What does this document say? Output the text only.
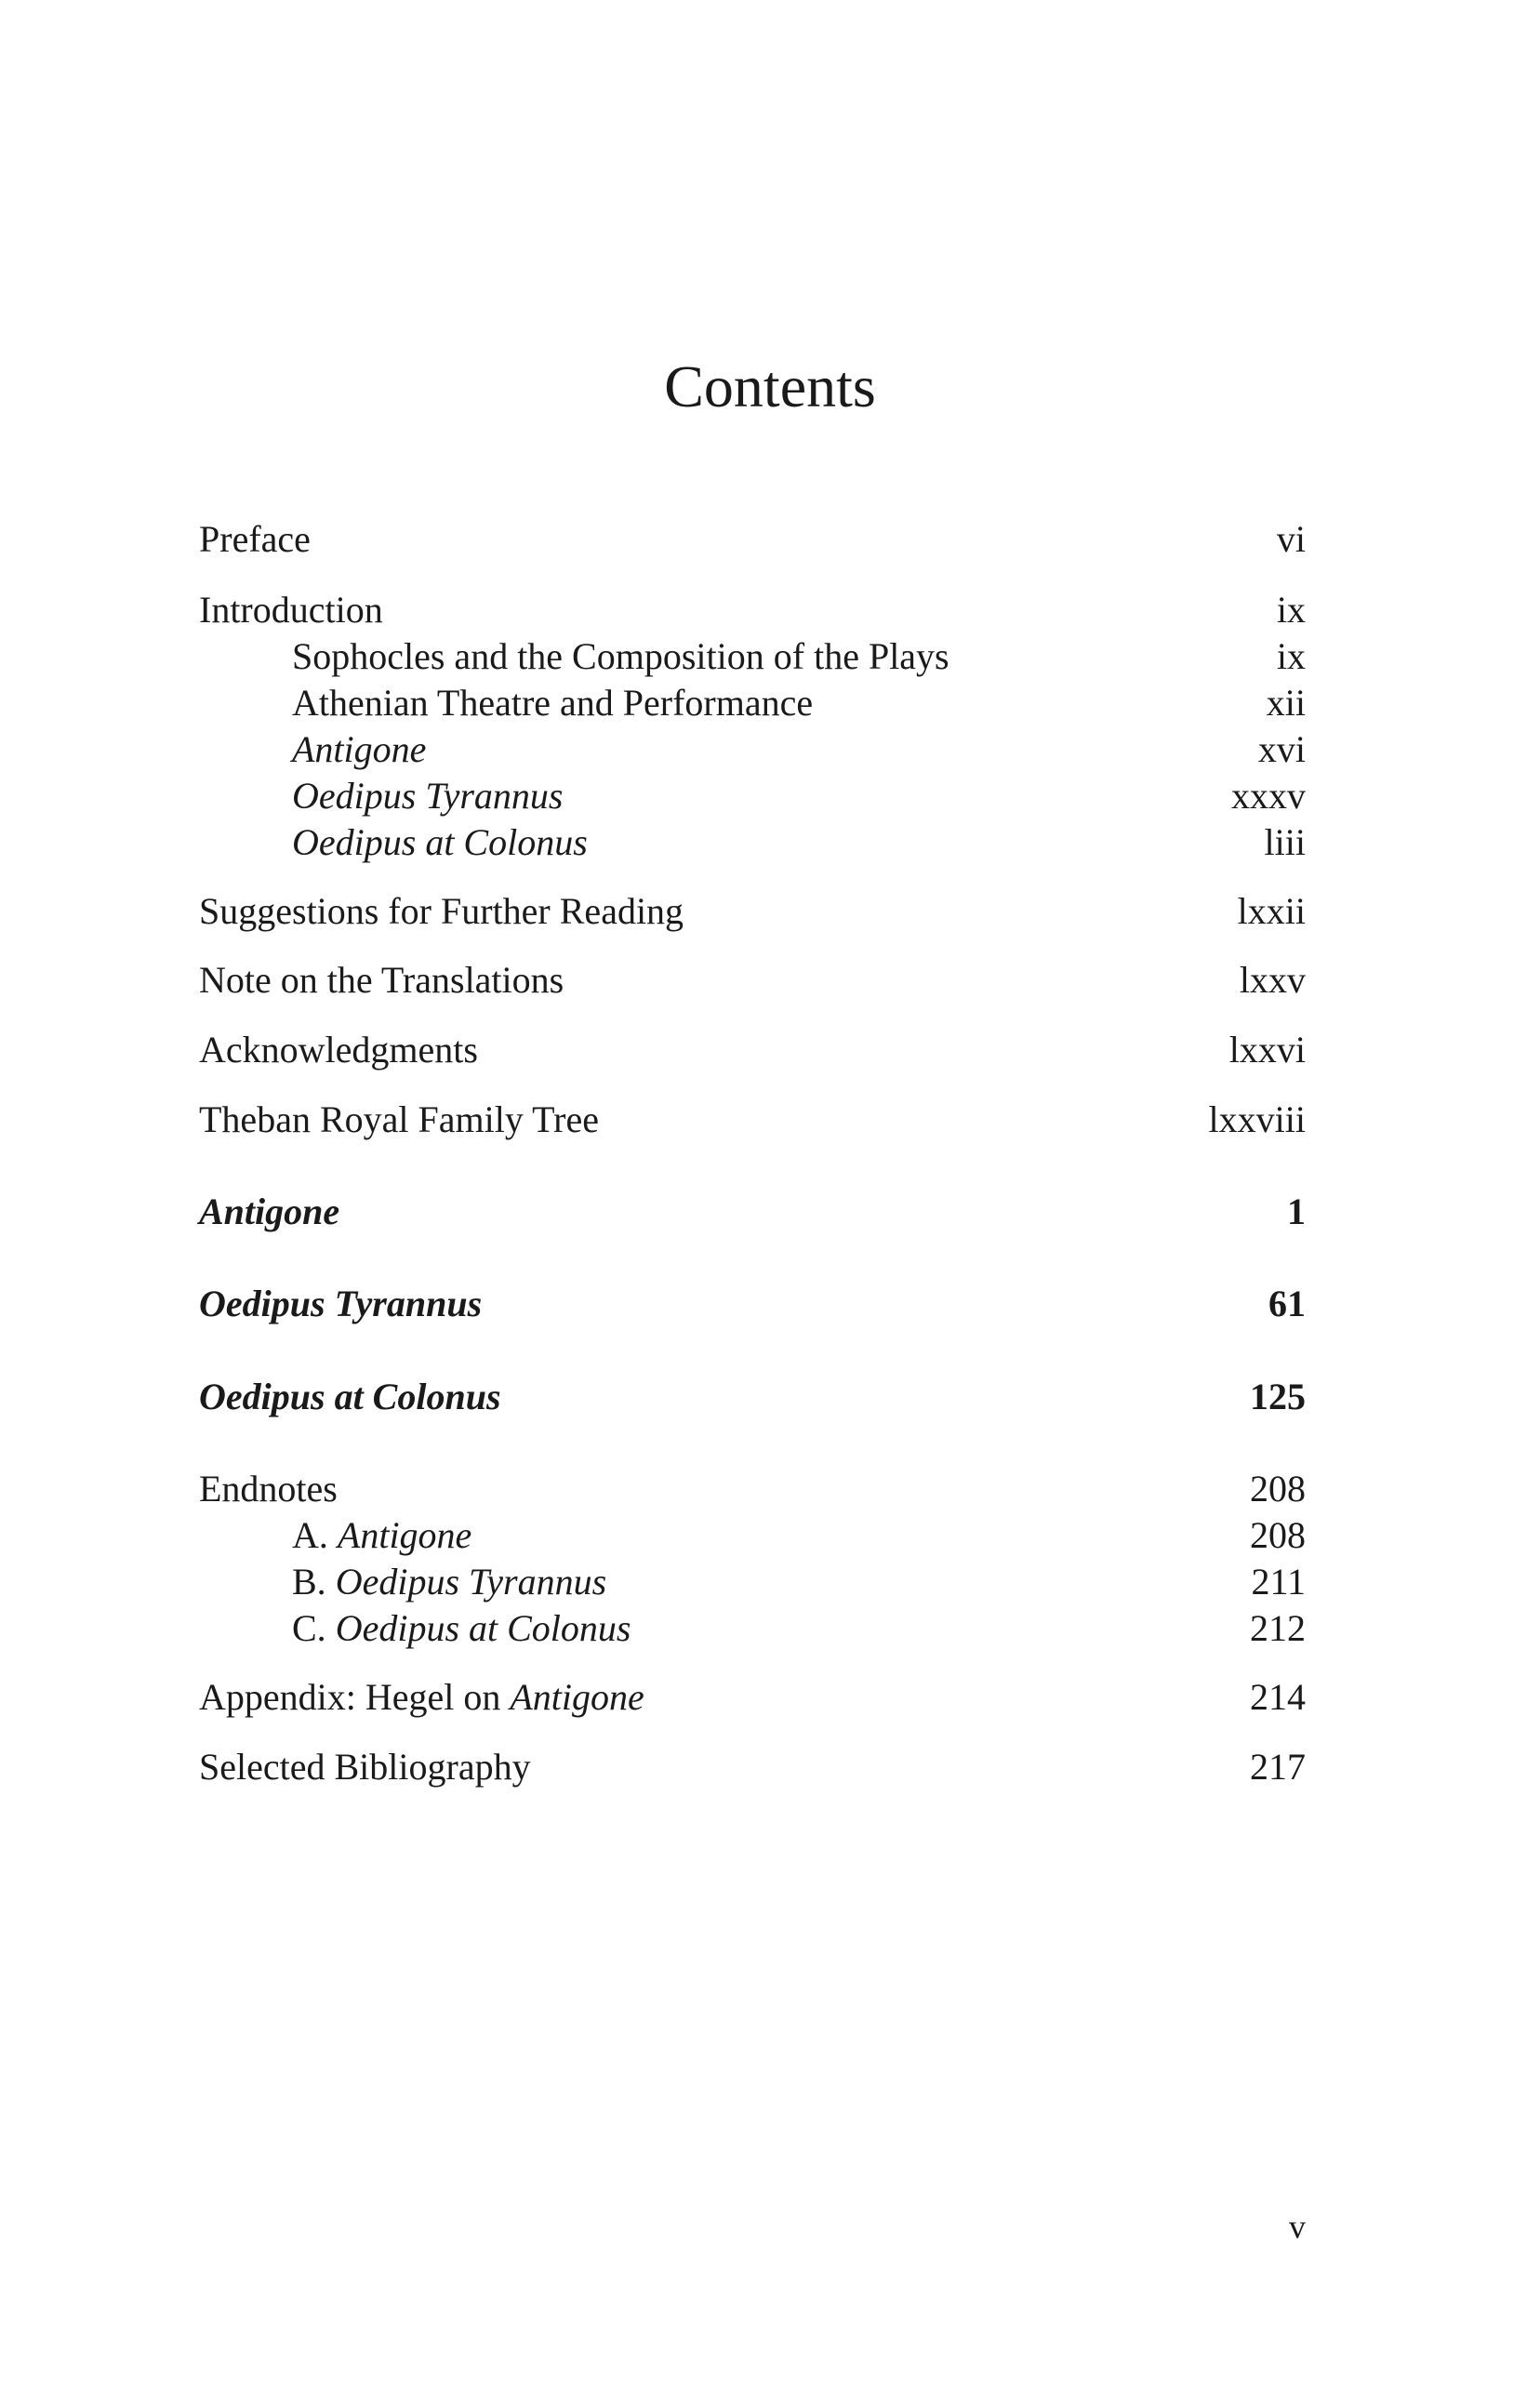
Contents
Preface	vi
Introduction	ix
Sophocles and the Composition of the Plays	ix
Athenian Theatre and Performance	xii
Antigone	xvi
Oedipus Tyrannus	xxxv
Oedipus at Colonus	liii
Suggestions for Further Reading	lxxii
Note on the Translations	lxxv
Acknowledgments	lxxvi
Theban Royal Family Tree	lxxviii
Antigone	1
Oedipus Tyrannus	61
Oedipus at Colonus	125
Endnotes	208
A. Antigone	208
B. Oedipus Tyrannus	211
C. Oedipus at Colonus	212
Appendix: Hegel on Antigone	214
Selected Bibliography	217
v
